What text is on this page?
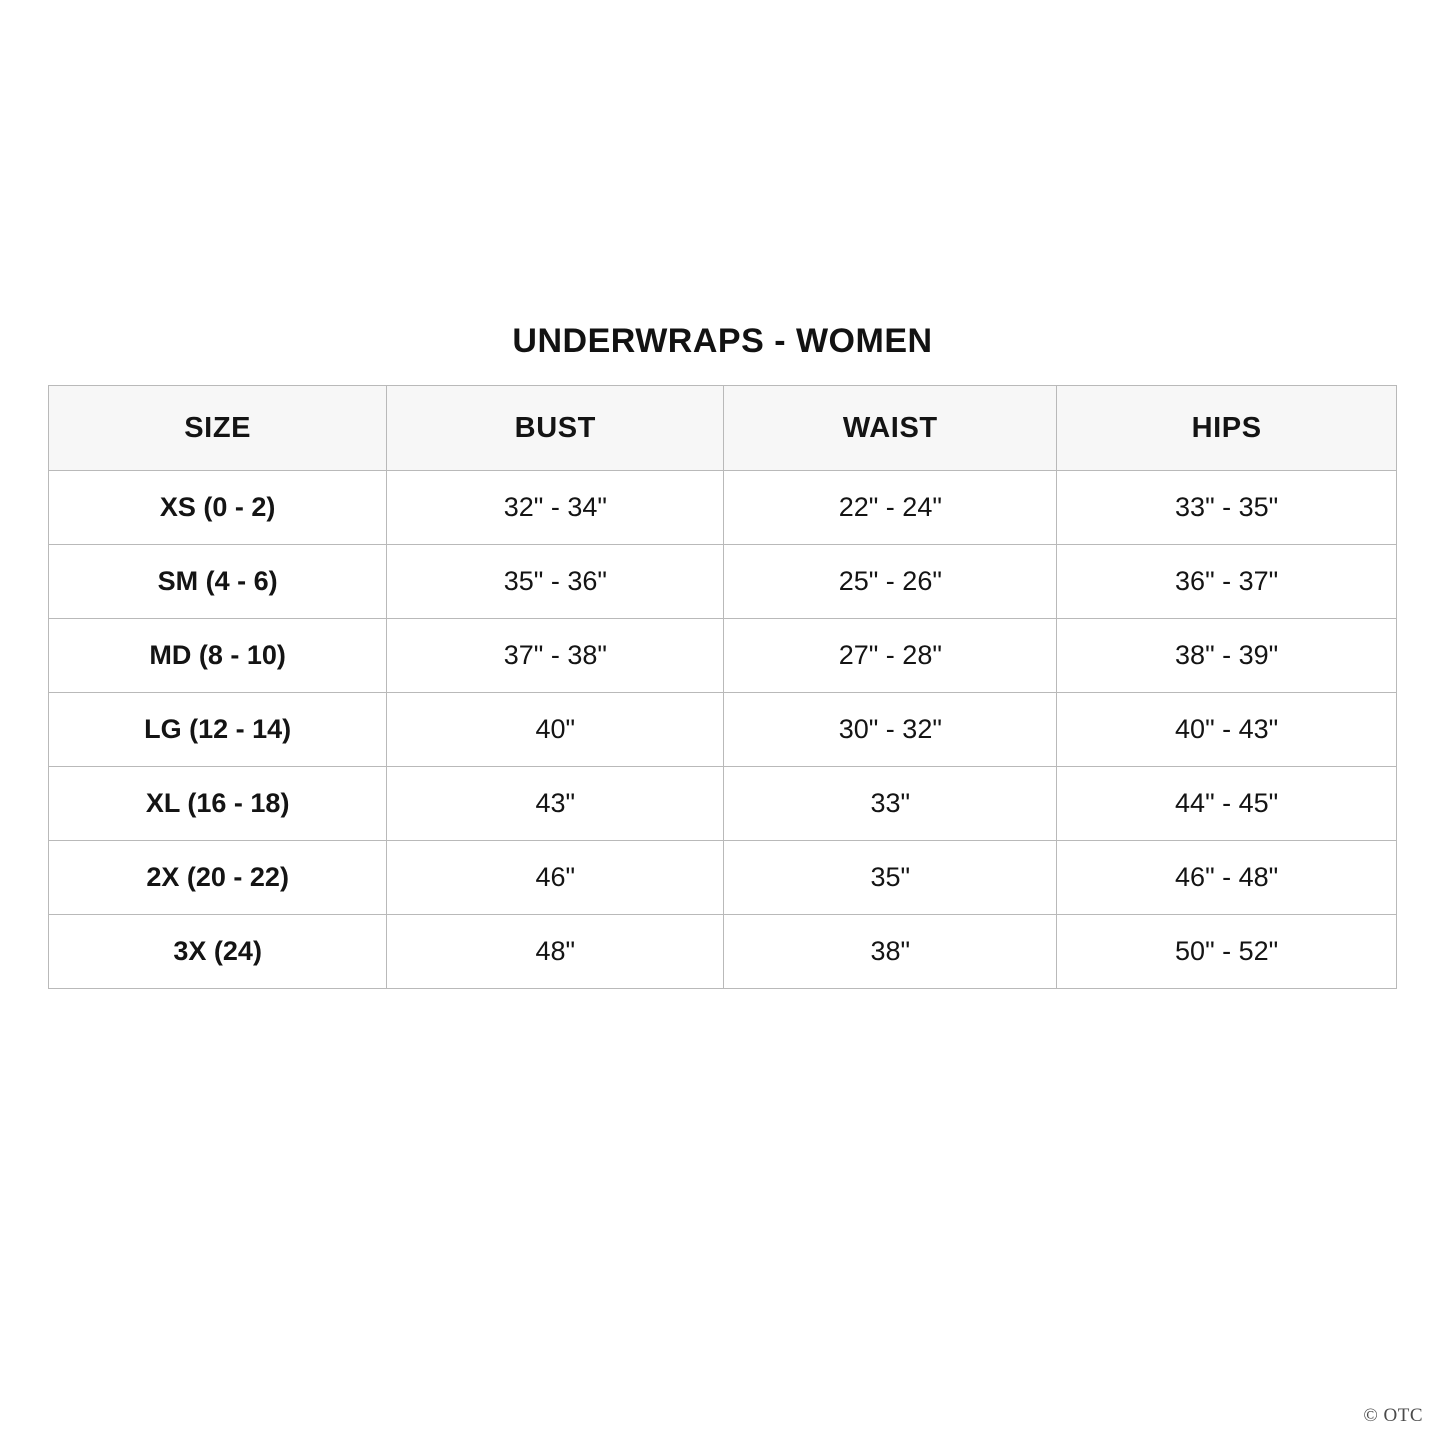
UNDERWRAPS - WOMEN
SIZE	BUST	WAIST	HIPS
XS (0 - 2)	32" - 34"	22" - 24"	33" - 35"
SM (4 - 6)	35" - 36"	25" - 26"	36" - 37"
MD (8 - 10)	37" - 38"	27" - 28"	38" - 39"
LG (12 - 14)	40"	30" - 32"	40" - 43"
XL (16 - 18)	43"	33"	44" - 45"
2X (20 - 22)	46"	35"	46" - 48"
3X (24)	48"	38"	50" - 52"
© OTC
